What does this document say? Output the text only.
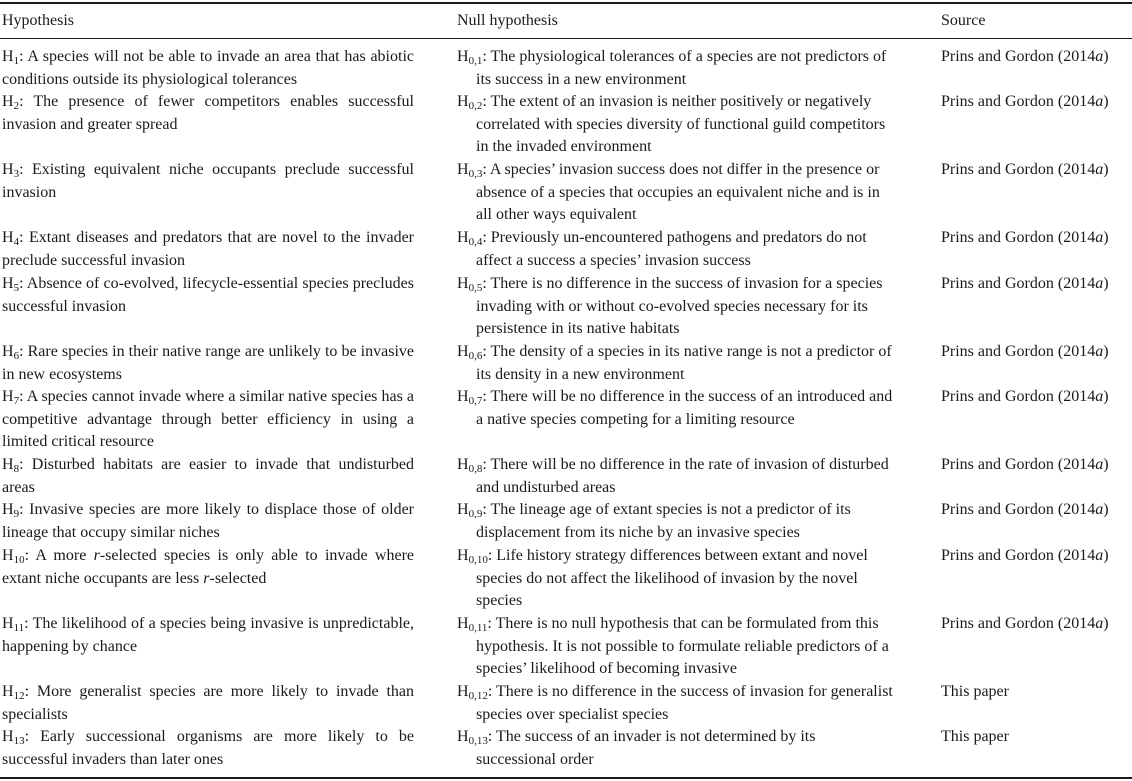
Hypothesis	Null hypothesis	Source
$H_1$: A species will not be able to invade an area that has abiotic conditions outside its physiological tolerances
$H_{0,1}$: The physiological tolerances of a species are not predictors of its success in a new environment
Prins and Gordon (2014a)
$H_2$: The presence of fewer competitors enables successful invasion and greater spread
$H_{0,2}$: The extent of an invasion is neither positively or negatively correlated with species diversity of functional guild competitors in the invaded environment
Prins and Gordon (2014a)
$H_3$: Existing equivalent niche occupants preclude successful invasion
$H_{0,3}$: A species’ invasion success does not differ in the presence or absence of a species that occupies an equivalent niche and is in all other ways equivalent
Prins and Gordon (2014a)
$H_4$: Extant diseases and predators that are novel to the invader preclude successful invasion
$H_{0,4}$: Previously un-encountered pathogens and predators do not affect a success a species’ invasion success
Prins and Gordon (2014a)
$H_5$: Absence of co-evolved, lifecycle-essential species precludes successful invasion
$H_{0,5}$: There is no difference in the success of invasion for a species invading with or without co-evolved species necessary for its persistence in its native habitats
Prins and Gordon (2014a)
$H_6$: Rare species in their native range are unlikely to be invasive in new ecosystems
$H_{0,6}$: The density of a species in its native range is not a predictor of its density in a new environment
Prins and Gordon (2014a)
$H_7$: A species cannot invade where a similar native species has a competitive advantage through better efficiency in using a limited critical resource
$H_{0,7}$: There will be no difference in the success of an introduced and a native species competing for a limiting resource
Prins and Gordon (2014a)
$H_8$: Disturbed habitats are easier to invade that undisturbed areas
$H_{0,8}$: There will be no difference in the rate of invasion of disturbed and undisturbed areas
Prins and Gordon (2014a)
$H_9$: Invasive species are more likely to displace those of older lineage that occupy similar niches
$H_{0,9}$: The lineage age of extant species is not a predictor of its displacement from its niche by an invasive species
Prins and Gordon (2014a)
$H_{10}$: A more r-selected species is only able to invade where extant niche occupants are less r-selected
$H_{0,10}$: Life history strategy differences between extant and novel species do not affect the likelihood of invasion by the novel species
Prins and Gordon (2014a)
$H_{11}$: The likelihood of a species being invasive is unpredictable, happening by chance
$H_{0,11}$: There is no null hypothesis that can be formulated from this hypothesis. It is not possible to formulate reliable predictors of a species’ likelihood of becoming invasive
Prins and Gordon (2014a)
$H_{12}$: More generalist species are more likely to invade than specialists
$H_{0,12}$: There is no difference in the success of invasion for generalist species over specialist species
This paper
$H_{13}$: Early successional organisms are more likely to be successful invaders than later ones
$H_{0,13}$: The success of an invader is not determined by its successional order
This paper
